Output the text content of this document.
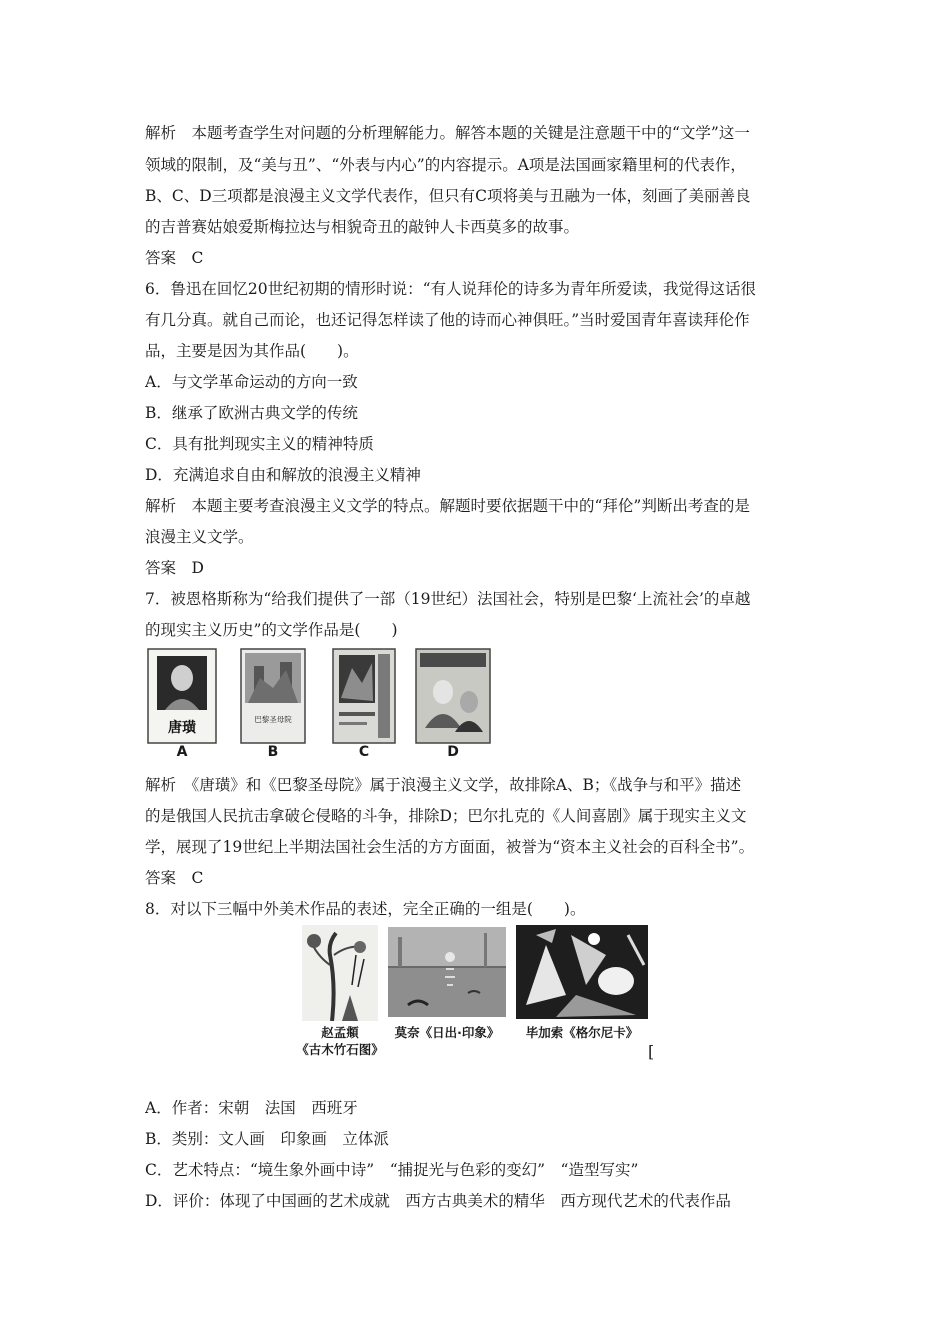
解析　本题考查学生对问题的分析理解能力。解答本题的关键是注意题干中的“文学”这一
领域的限制，及“美与丑”、“外表与内心”的内容提示。A项是法国画家籍里柯的代表作，
B、C、D三项都是浪漫主义文学代表作，但只有C项将美与丑融为一体，刻画了美丽善良
的吉普赛姑娘爱斯梅拉达与相貌奇丑的敲钟人卡西莫多的故事。
答案　C
6．鲁迅在回忆20世纪初期的情形时说：“有人说拜伦的诗多为青年所爱读，我觉得这话很
有几分真。就自己而论，也还记得怎样读了他的诗而心神俱旺。”当时爱国青年喜读拜伦作
品，主要是因为其作品(　　)。
A．与文学革命运动的方向一致
B．继承了欧洲古典文学的传统
C．具有批判现实主义的精神特质
D．充满追求自由和解放的浪漫主义精神
解析　本题主要考查浪漫主义文学的特点。解题时要依据题干中的“拜伦”判断出考查的是
浪漫主义文学。
答案　D
7．被恩格斯称为“给我们提供了一部（19世纪）法国社会，特别是巴黎‘上流社会’的卓越
的现实主义历史”的文学作品是(　　)
唐璜
巴黎圣母院
A	B	C	D
解析　《唐璜》和《巴黎圣母院》属于浪漫主义文学，故排除A、B；《战争与和平》描述
的是俄国人民抗击拿破仑侵略的斗争，排除D；巴尔扎克的《人间喜剧》属于现实主义文
学，展现了19世纪上半期法国社会生活的方方面面，被誉为“资本主义社会的百科全书”。
答案　C
8．对以下三幅中外美术作品的表述，完全正确的一组是(　　)。
赵孟頫
《古木竹石图》
莫奈《日出·印象》	毕加索《格尔尼卡》
[
A．作者：宋朝　法国　西班牙
B．类别：文人画　印象画　立体派
C．艺术特点：“境生象外画中诗”　“捕捉光与色彩的变幻”　“造型写实”
D．评价：体现了中国画的艺术成就　西方古典美术的精华　西方现代艺术的代表作品
